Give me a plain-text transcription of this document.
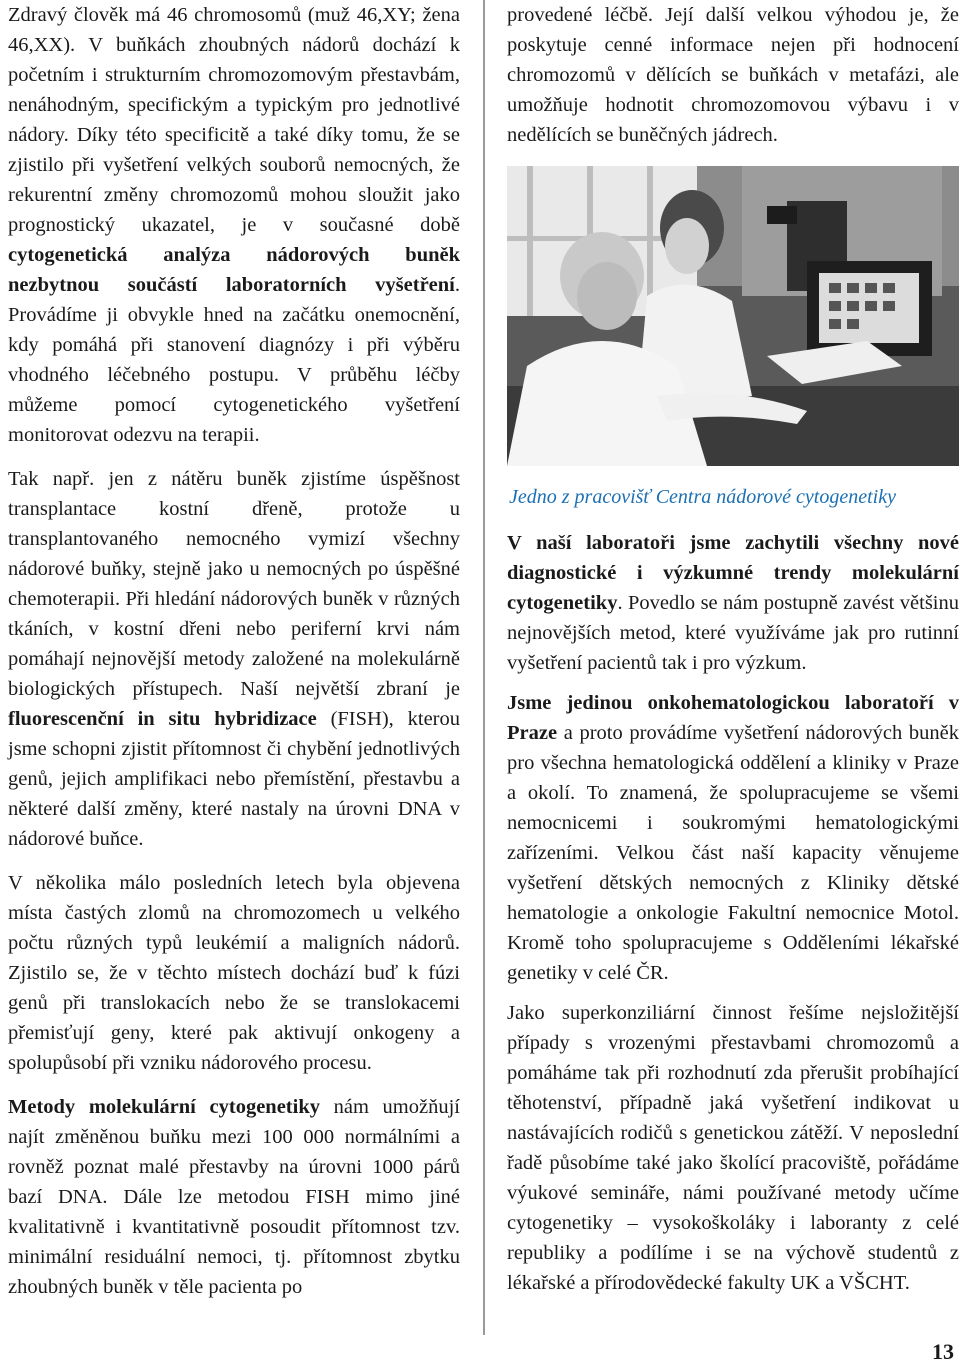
Zdravý člověk má 46 chromosomů (muž 46,XY; žena 46,XX). V buňkách zhoubných nádorů dochází k početním i strukturním chromozomovým přestavbám, nenáhodným, specifickým a typickým pro jednotlivé nádory. Díky této specificitě a také díky tomu, že se zjistilo při vyšetření velkých souborů nemocných, že rekurentní změny chromozomů mohou sloužit jako prognostický ukazatel, je v současné době cytogenetická analýza nádorových buněk nezbytnou součástí laboratorních vyšetření. Provádíme ji obvykle hned na začátku onemocnění, kdy pomáhá při stanovení diagnózy i při výběru vhodného léčebného postupu. V průběhu léčby můžeme pomocí cytogenetického vyšetření monitorovat odezvu na terapii.

Tak např. jen z nátěru buněk zjistíme úspěšnost transplantace kostní dřeně, protože u transplantovaného nemocného vymizí všechny nádorové buňky, stejně jako u nemocných po úspěšné chemoterapii. Při hledání nádorových buněk v různých tkáních, v kostní dřeni nebo periferní krvi nám pomáhají nejnovější metody založené na molekulárně biologických přístupech. Naší největší zbraní je fluorescenční in situ hybridizace (FISH), kterou jsme schopni zjistit přítomnost či chybění jednotlivých genů, jejich amplifikaci nebo přemístění, přestavbu a některé další změny, které nastaly na úrovni DNA v nádorové buňce.

V několika málo posledních letech byla objevena místa častých zlomů na chromozomech u velkého počtu různých typů leukémií a maligních nádorů. Zjistilo se, že v těchto místech dochází buď k fúzi genů při translokacích nebo že se translokacemi přemisťují geny, které pak aktivují onkogeny a spolupůsobí při vzniku nádorového procesu.

Metody molekulární cytogenetiky nám umožňují najít změněnou buňku mezi 100 000 normálními a rovněž poznat malé přestavby na úrovni 1000 párů bazí DNA. Dále lze metodou FISH mimo jiné kvalitativně i kvantitativně posoudit přítomnost tzv. minimální residuální nemoci, tj. přítomnost zbytku zhoubných buněk v těle pacienta po

provedené léčbě. Její další velkou výhodou je, že poskytuje cenné informace nejen při hodnocení chromozomů v dělících se buňkách v metafázi, ale umožňuje hodnotit chromozomovou výbavu i v nedělících se buněčných jádrech.

Jedno z pracovišť Centra nádorové cytogenetiky

V naší laboratoři jsme zachytili všechny nové diagnostické i výzkumné trendy molekulární cytogenetiky. Povedlo se nám postupně zavést většinu nejnovějších metod, které využíváme jak pro rutinní vyšetření pacientů tak i pro výzkum.

Jsme jedinou onkohematologickou laboratoří v Praze a proto provádíme vyšetření nádorových buněk pro všechna hematologická oddělení a kliniky v Praze a okolí. To znamená, že spolupracujeme se všemi nemocnicemi i soukromými hematologickými zařízeními. Velkou část naší kapacity věnujeme vyšetření dětských nemocných z Kliniky dětské hematologie a onkologie Fakultní nemocnice Motol. Kromě toho spolupracujeme s Odděleními lékařské genetiky v celé ČR.

Jako superkonziliární činnost řešíme nejsložitější případy s vrozenými přestavbami chromozomů a pomáháme tak při rozhodnutí zda přerušit probíhající těhotenství, případně jaká vyšetření indikovat u nastávajících rodičů s genetickou zátěží. V neposlední řadě působíme také jako školící pracoviště, pořádáme výukové semináře, námi používané metody učíme cytogenetiky – vysokoškoláky i laboranty z celé republiky a podílíme i se na výchově studentů z lékařské a přírodovědecké fakulty UK a VŠCHT.

13
